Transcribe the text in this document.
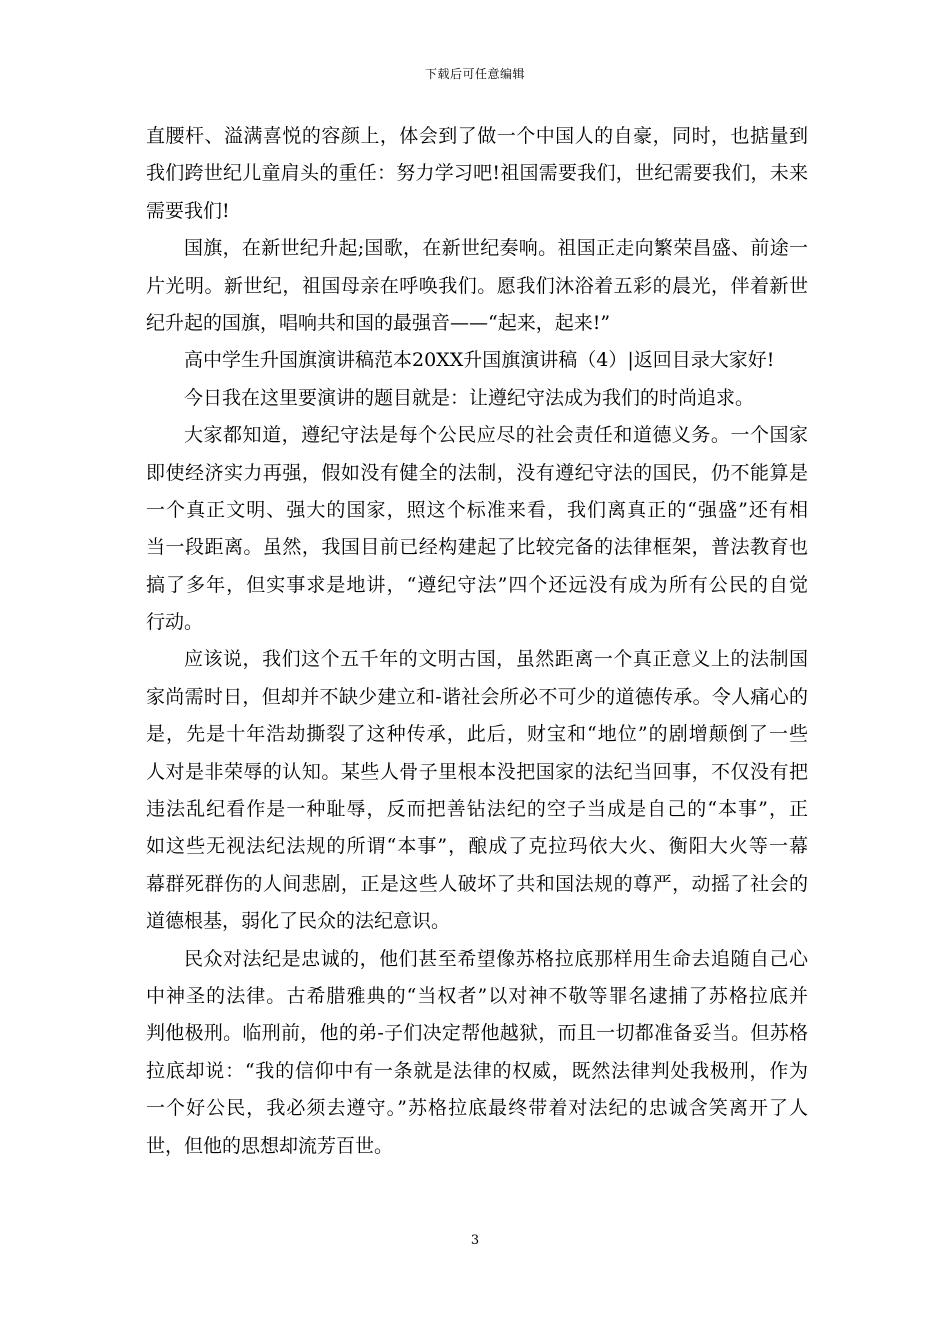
下载后可任意编辑
直腰杆、溢满喜悦的容颜上，体会到了做一个中国人的自豪，同时，也掂量到
我们跨世纪儿童肩头的重任：努力学习吧!祖国需要我们，世纪需要我们，未来
需要我们!
国旗，在新世纪升起;国歌，在新世纪奏响。祖国正走向繁荣昌盛、前途一
片光明。新世纪，祖国母亲在呼唤我们。愿我们沐浴着五彩的晨光，伴着新世
纪升起的国旗，唱响共和国的最强音——“起来，起来!”
高中学生升国旗演讲稿范本20XX升国旗演讲稿（4）|返回目录大家好!
今日我在这里要演讲的题目就是：让遵纪守法成为我们的时尚追求。
大家都知道，遵纪守法是每个公民应尽的社会责任和道德义务。一个国家
即使经济实力再强，假如没有健全的法制，没有遵纪守法的国民，仍不能算是
一个真正文明、强大的国家，照这个标准来看，我们离真正的“强盛”还有相
当一段距离。虽然，我国目前已经构建起了比较完备的法律框架，普法教育也
搞了多年，但实事求是地讲，“遵纪守法”四个还远没有成为所有公民的自觉
行动。
应该说，我们这个五千年的文明古国，虽然距离一个真正意义上的法制国
家尚需时日，但却并不缺少建立和-谐社会所必不可少的道德传承。令人痛心的
是，先是十年浩劫撕裂了这种传承，此后，财宝和“地位”的剧增颠倒了一些
人对是非荣辱的认知。某些人骨子里根本没把国家的法纪当回事，不仅没有把
违法乱纪看作是一种耻辱，反而把善钻法纪的空子当成是自己的“本事”，正
如这些无视法纪法规的所谓“本事”，酿成了克拉玛依大火、衡阳大火等一幕
幕群死群伤的人间悲剧，正是这些人破坏了共和国法规的尊严，动摇了社会的
道德根基，弱化了民众的法纪意识。
民众对法纪是忠诚的，他们甚至希望像苏格拉底那样用生命去追随自己心
中神圣的法律。古希腊雅典的“当权者”以对神不敬等罪名逮捕了苏格拉底并
判他极刑。临刑前，他的弟-子们决定帮他越狱，而且一切都准备妥当。但苏格
拉底却说：“我的信仰中有一条就是法律的权威，既然法律判处我极刑，作为
一个好公民，我必须去遵守。”苏格拉底最终带着对法纪的忠诚含笑离开了人
世，但他的思想却流芳百世。
3
